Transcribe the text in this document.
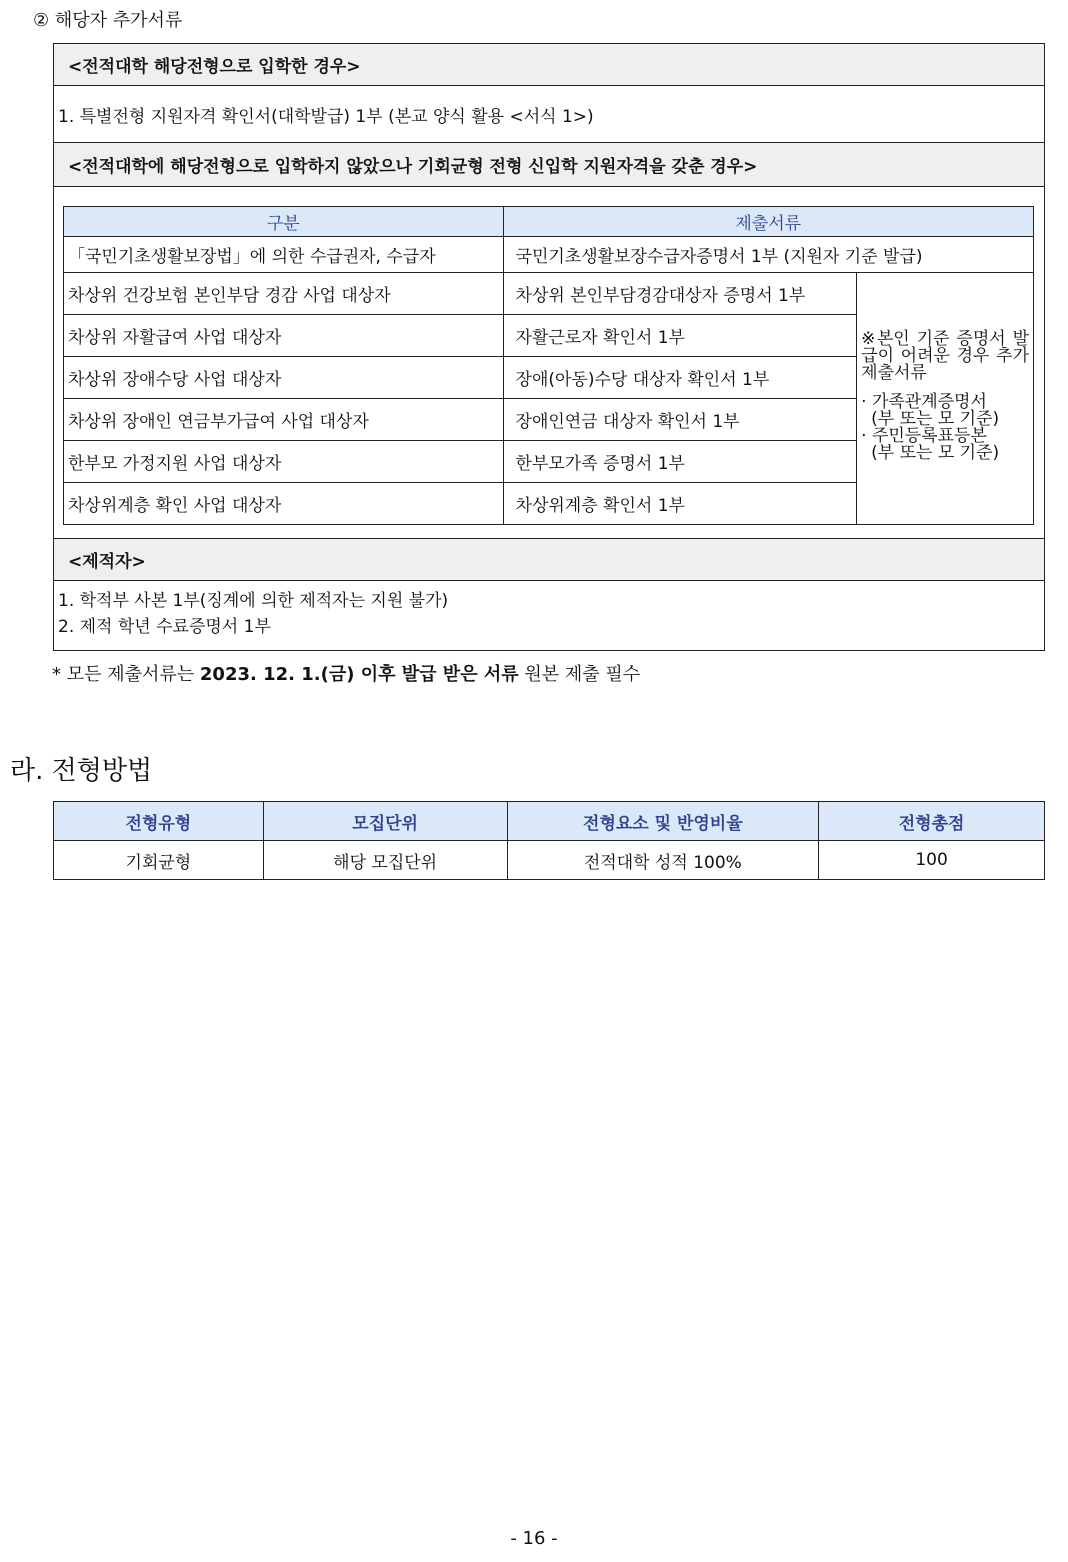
② 해당자 추가서류
<전적대학 해당전형으로 입학한 경우>
1. 특별전형 지원자격 확인서(대학발급) 1부 (본교 양식 활용 <서식 1>)
<전적대학에 해당전형으로 입학하지 않았으나 기회균형 전형 신입학 지원자격을 갖춘 경우>
<제적자>
1. 학적부 사본 1부(징계에 의한 제적자는 지원 불가)
2. 제적 학년 수료증명서 1부
구분	제출서류	
「국민기초생활보장법」에 의한 수급권자, 수급자	국민기초생활보장수급자증명서 1부 (지원자 기준 발급)	
차상위 건강보험 본인부담 경감 사업 대상자	차상위 본인부담경감대상자 증명서 1부	※본인 기준 증명서 발급이 어려운 경우 추가 제출서류
· 가족관계증명서
(부 또는 모 기준)
· 주민등록표등본
(부 또는 모 기준)

차상위 자활급여 사업 대상자	자활근로자 확인서 1부	
차상위 장애수당 사업 대상자	장애(아동)수당 대상자 확인서 1부	
차상위 장애인 연금부가급여 사업 대상자	장애인연금 대상자 확인서 1부	
한부모 가정지원 사업 대상자	한부모가족 증명서 1부	
차상위계층 확인 사업 대상자	차상위계층 확인서 1부	
* 모든 제출서류는 2023. 12. 1.(금) 이후 발급 받은 서류 원본 제출 필수
라. 전형방법
전형유형	모집단위	전형요소 및 반영비율	전형총점
기회균형	해당 모집단위	전적대학 성적 100%	100
- 16 -
